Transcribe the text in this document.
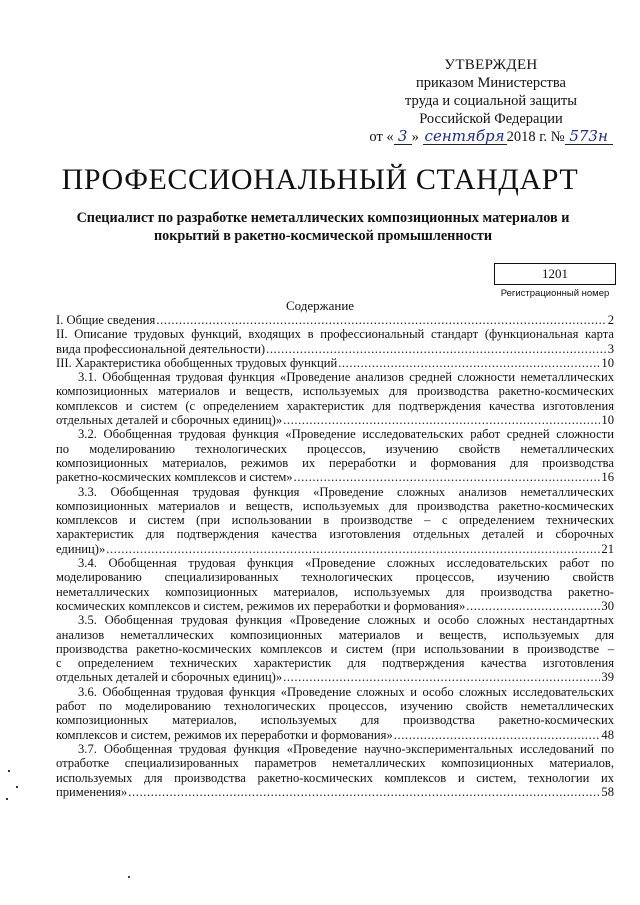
УТВЕРЖДЕН
приказом Министерства
труда и социальной защиты
Российской Федерации
от « 3 » сентября 2018 г. № 573н
ПРОФЕССИОНАЛЬНЫЙ СТАНДАРТ
Специалист по разработке неметаллических композиционных материалов и покрытий в ракетно-космической промышленности
1201
Регистрационный номер
Содержание
I. Общие сведения .....	2
II. Описание трудовых функций, входящих в профессиональный стандарт (функциональная карта
вида профессиональной деятельности) .....	3
III. Характеристика обобщенных трудовых функций .....	10
3.1. Обобщенная трудовая функция «Проведение анализов средней сложности неметаллических
композиционных материалов и веществ, используемых для производства ракетно-космических
комплексов и систем (с определением характеристик для подтверждения качества изготовления
отдельных деталей и сборочных единиц)» .....	10
3.2. Обобщенная трудовая функция «Проведение исследовательских работ средней сложности
по моделированию технологических процессов, изучению свойств неметаллических
композиционных материалов, режимов их переработки и формования для производства
ракетно-космических комплексов и систем» .....	16
3.3. Обобщенная трудовая функция «Проведение сложных анализов неметаллических
композиционных материалов и веществ, используемых для производства ракетно-космических
комплексов и систем (при использовании в производстве – с определением технических
характеристик для подтверждения качества изготовления отдельных деталей и сборочных
единиц)» .....	21
3.4. Обобщенная трудовая функция «Проведение сложных исследовательских работ по
моделированию специализированных технологических процессов, изучению свойств
неметаллических композиционных материалов, используемых для производства ракетно-
космических комплексов и систем, режимов их переработки и формования» .....	30
3.5. Обобщенная трудовая функция «Проведение сложных и особо сложных нестандартных
анализов неметаллических композиционных материалов и веществ, используемых для
производства ракетно-космических комплексов и систем (при использовании в производстве –
с определением технических характеристик для подтверждения качества изготовления
отдельных деталей и сборочных единиц)» .....	39
3.6. Обобщенная трудовая функция «Проведение сложных и особо сложных исследовательских
работ по моделированию технологических процессов, изучению свойств неметаллических
композиционных материалов, используемых для производства ракетно-космических
комплексов и систем, режимов их переработки и формования» .....	48
3.7. Обобщенная трудовая функция «Проведение научно-экспериментальных исследований по
отработке специализированных параметров неметаллических композиционных материалов,
используемых для производства ракетно-космических комплексов и систем, технологии их
применения» .....	58
